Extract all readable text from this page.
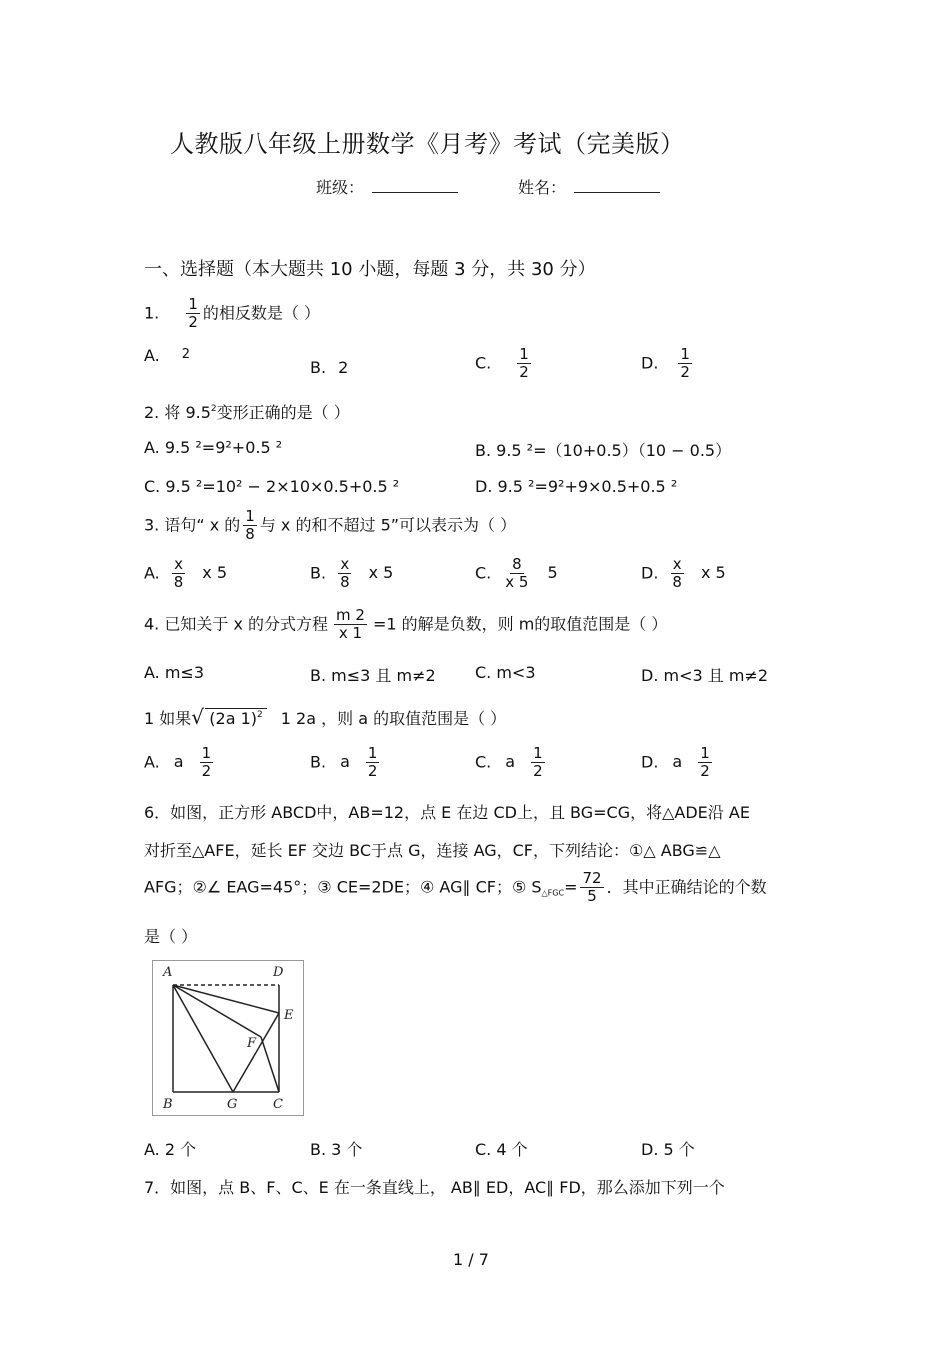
人教版八年级上册数学《月考》考试（完美版）
班级：	姓名：
一、选择题（本大题共 10 小题，每题 3 分，共 30 分）
1. $\frac{1}{2}$ 的相反数是（ ）
A. 2
B. 2	C. $\frac{1}{2}$	D. $\frac{1}{2}$
2. 将 $9.5^2$变形正确的是（ ）
A. 9.5 ²=9²+0.5 ²	B. 9.5 ²=（10+0.5）（10 − 0.5）
C. 9.5 ²=10² − 2×10×0.5+0.5 ²	D. 9.5 ²=9²+9×0.5+0.5 ²
3. 语句“ x 的 $\frac{1}{8}$ 与 x 的和不超过 5”可以表示为（ ）
A. $\frac{x}{8}$ x 5	B. $\frac{x}{8}$ x 5	C. $\frac{8}{x 5} 5$	D. $\frac{x}{8}$ x 5
4. 已知关于 x 的分式方程 $\frac{m 2}{x 1} =1$ 的解是负数，则 m的取值范围是（ ）
A. m≤3	B. m≤3 且 m≠2 C. m<3	D. m<3 且 m≠2
1 如果√ (2a 1)$^2$ 1 2a ，则 a 的取值范围是（ ）
A. a $\frac{1}{2}$	B. a $\frac{1}{2}$	C. a $\frac{1}{2}$	D. a $\frac{1}{2}$
6．如图，正方形 ABCD中，AB=12，点 E 在边 CD上，且 BG=CG，将△ADE沿 AE
对折至△AFE，延长 EF 交边 BC于点 G，连接 AG，CF，下列结论：①△ ABG≌△
AFG；②∠ EAG=45°；③ CE=2DE；④ AG∥ CF；⑤ $S_{\triangle FGC}= \frac{72}{5}$ ．其中正确结论的个数
是（ ）
A	D
E
F
B	G	C
A. 2 个	B. 3 个	C. 4 个	D. 5 个
7．如图，点 B、F、C、E 在一条直线上， AB∥ ED，AC∥ FD，那么添加下列一个
1 / 7
